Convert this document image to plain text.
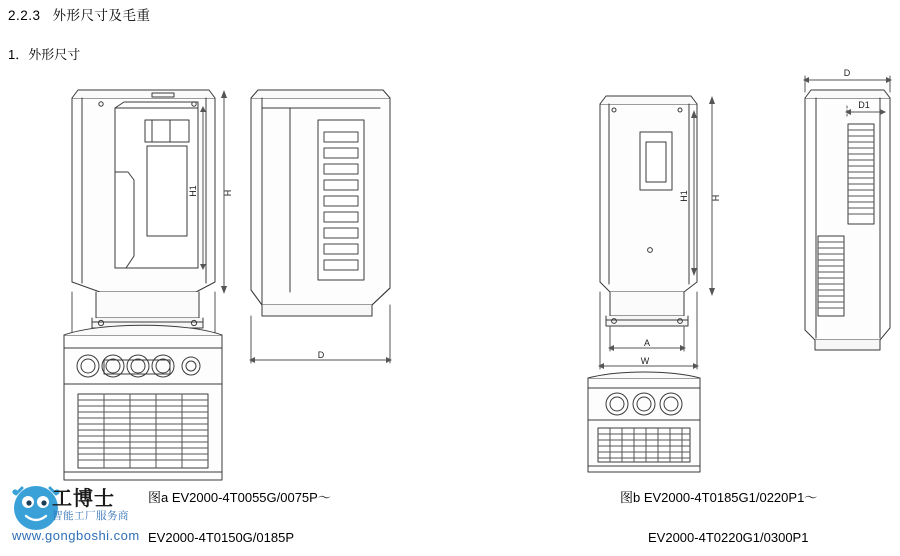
2.2.3 外形尺寸及毛重
1．外形尺寸
H1	H
D
H1 H
A
W
D
D1
图a EV2000-4T0055G/0075P～
EV2000-4T0150G/0185P
图b EV2000-4T0185G1/0220P1～
EV2000-4T0220G1/0300P1
工博士
智能工厂服务商
www.gongboshi.com
